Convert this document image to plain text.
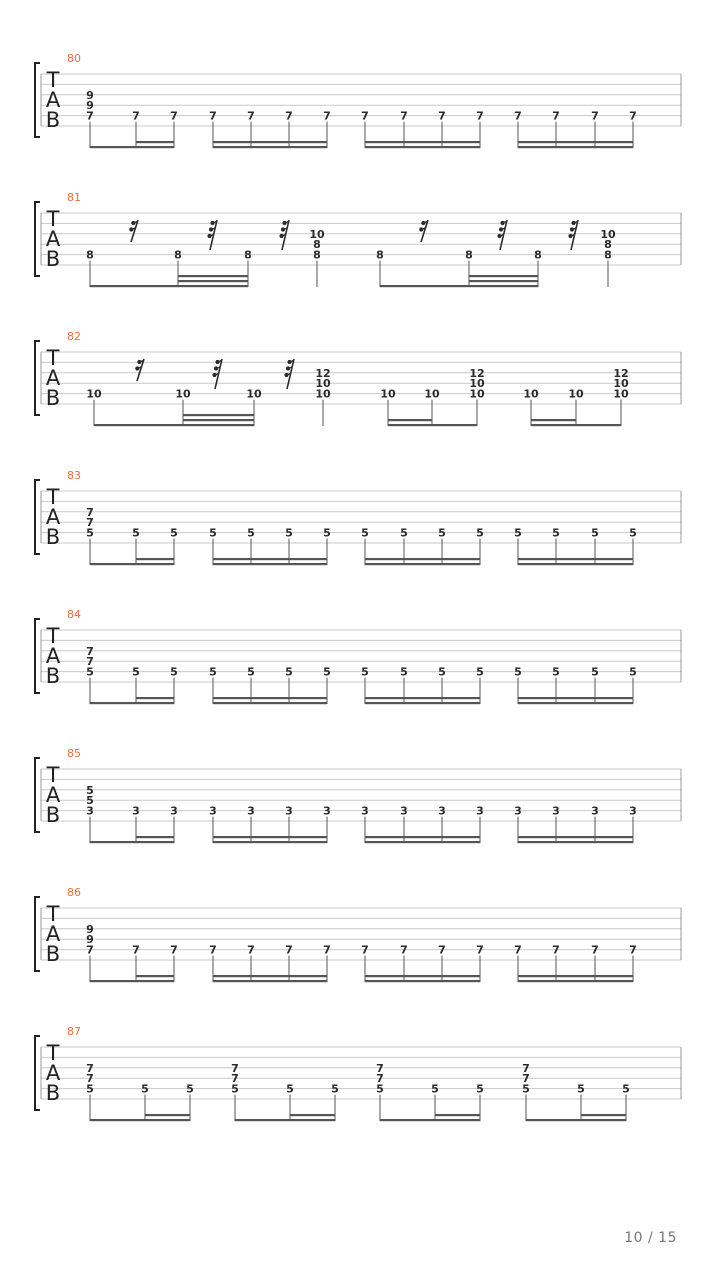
80
T
A
B
9
9
7	7	7	7	7	7	7	7	7	7	7	7	7	7	7
81
T
A
B 8	8	8
10
8
8	8	8	8
10
8
8
82
T
A
B 10	10	10
12
10
10	10	10
12
10
10	10	10
12
10
10
83
T
A
B
7
7
5	5	5	5	5	5	5	5	5	5	5	5	5	5	5
84
T
A
B
7
7
5	5	5	5	5	5	5	5	5	5	5	5	5	5	5
85
T
A
B
5
5
3	3	3	3	3	3	3	3	3	3	3	3	3	3	3
86
T
A
B
9
9
7	7	7	7	7	7	7	7	7	7	7	7	7	7	7
87
T
A
B
7
7
5	5	5
7
7
5	5	5
7
7
5	5	5
7
7
5	5	5
10 / 15
